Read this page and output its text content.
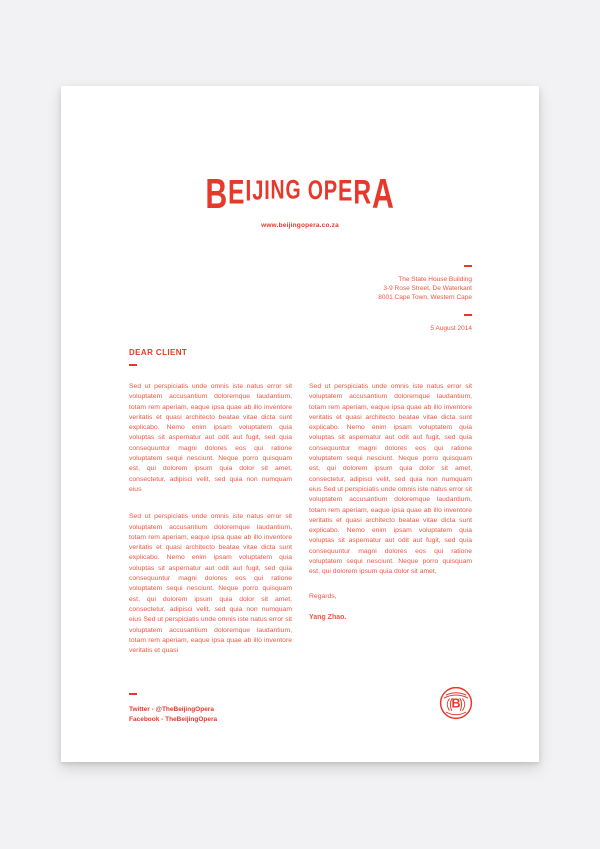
B E I J I N G
O P E R A
www.beijingopera.co.za
The State House Building
3-9 Rose Street, De Waterkant
8001 Cape Town, Western Cape
5 August 2014
DEAR CLIENT

Sed ut perspiciatis unde omnis iste natus error sit voluptatem accusantium doloremque laudantium, totam rem aperiam, eaque ipsa quae ab illo inventore veritatis et quasi architecto beatae vitae dicta sunt explicabo. Nemo enim ipsam voluptatem quia voluptas sit aspernatur aut odit aut fugit, sed quia consequuntur magni dolores eos qui ratione voluptatem sequi nesciunt. Neque porro quisquam est, qui dolorem ipsum quia dolor sit amet, consectetur, adipisci velit, sed quia non numquam eius

Sed ut perspiciatis unde omnis iste natus error sit voluptatem accusantium doloremque laudantium, totam rem aperiam, eaque ipsa quae ab illo inventore veritatis et quasi architecto beatae vitae dicta sunt explicabo. Nemo enim ipsam voluptatem quia voluptas sit aspernatur aut odit aut fugit, sed quia consequuntur magni dolores eos qui ratione voluptatem sequi nesciunt. Neque porro quisquam est, qui dolorem ipsum quia dolor sit amet, consectetur, adipisci velit, sed quia non numquam eius Sed ut perspiciatis unde omnis iste natus error sit voluptatem accusantium doloremque laudantium, totam rem aperiam, eaque ipsa quae ab illo inventore veritatis et quasi

Sed ut perspiciatis unde omnis iste natus error sit voluptatem accusantium doloremque laudantium, totam rem aperiam, eaque ipsa quae ab illo inventore veritatis et quasi architecto beatae vitae dicta sunt explicabo. Nemo enim ipsam voluptatem quia voluptas sit aspernatur aut odit aut fugit, sed quia consequuntur magni dolores eos qui ratione voluptatem sequi nesciunt. Neque porro quisquam est, qui dolorem ipsum quia dolor sit amet, consectetur, adipisci velit, sed quia non numquam eius Sed ut perspiciatis unde omnis iste natus error sit voluptatem accusantium doloremque laudantium, totam rem aperiam, eaque ipsa quae ab illo inventore veritatis et quasi architecto beatae vitae dicta sunt explicabo. Nemo enim ipsam voluptatem quia voluptas sit aspernatur aut odit aut fugit, sed quia consequuntur magni dolores eos qui ratione voluptatem sequi nesciunt. Neque porro quisquam est, qui dolorem ipsum quia dolor sit amet,

Regards,

Yang Zhao.

Twitter - @TheBeijingOpera
Facebook - TheBeijingOpera
B
